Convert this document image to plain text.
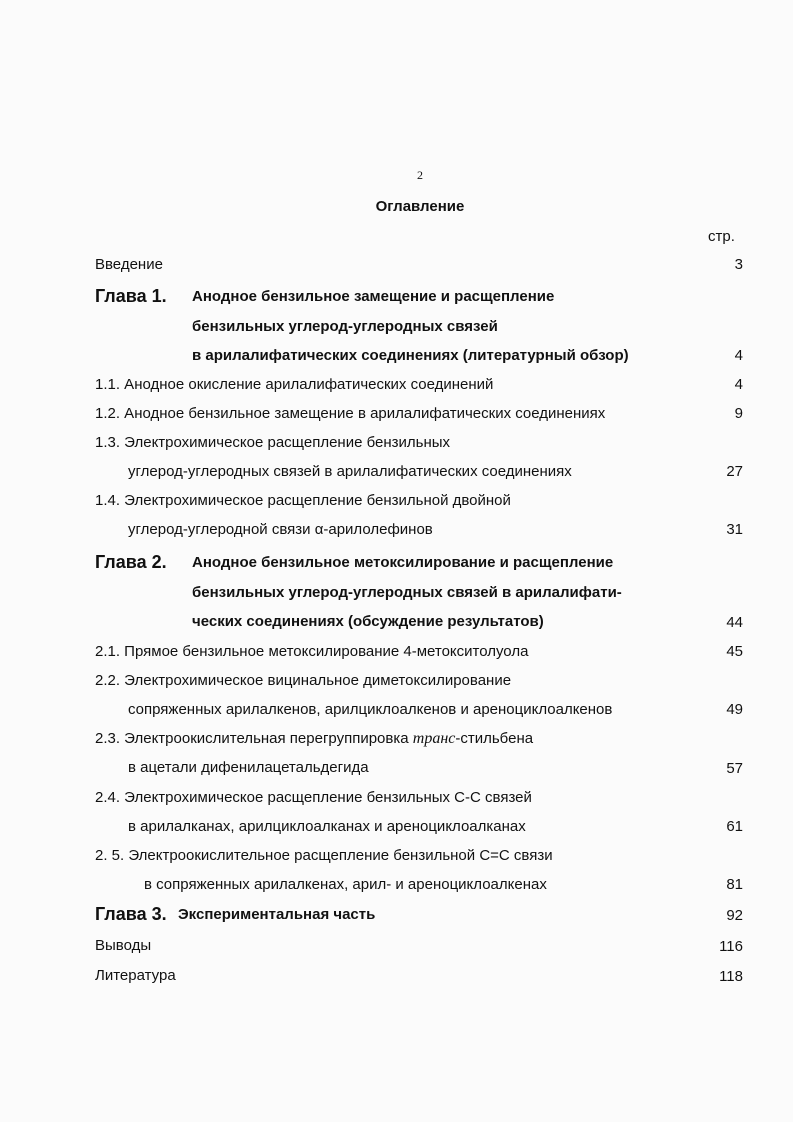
2
Оглавление
стр.
Введение	3
Глава 1. Анодное бензильное замещение и расщепление
бензильных углерод-углеродных связей
в арилалифатических соединениях (литературный обзор)	4
1.1. Анодное окисление арилалифатических соединений	4
1.2. Анодное бензильное замещение в арилалифатических соединениях	9
1.3. Электрохимическое расщепление бензильных
углерод-углеродных связей в арилалифатических соединениях	27
1.4. Электрохимическое расщепление бензильной двойной
углерод-углеродной связи α-арилолефинов	31
Глава 2. Анодное бензильное метоксилирование и расщепление
бензильных углерод-углеродных связей в арилалифати-
ческих соединениях (обсуждение результатов)	44
2.1. Прямое бензильное метоксилирование 4-метокситолуола	45
2.2. Электрохимическое вицинальное диметоксилирование
сопряженных арилалкенов, арилциклоалкенов и ареноциклоалкенов	49
2.3. Электроокислительная перегруппировка транс-стильбена
в ацетали дифенилацетальдегида	57
2.4. Электрохимическое расщепление бензильных С-С связей
в арилалканах, арилциклоалканах и ареноциклоалканах	61
2. 5. Электроокислительное расщепление бензильной С=С связи
в сопряженных арилалкенах, арил- и ареноциклоалкенах	81
Глава 3. Экспериментальная часть	92
Выводы	116
Литература	118
